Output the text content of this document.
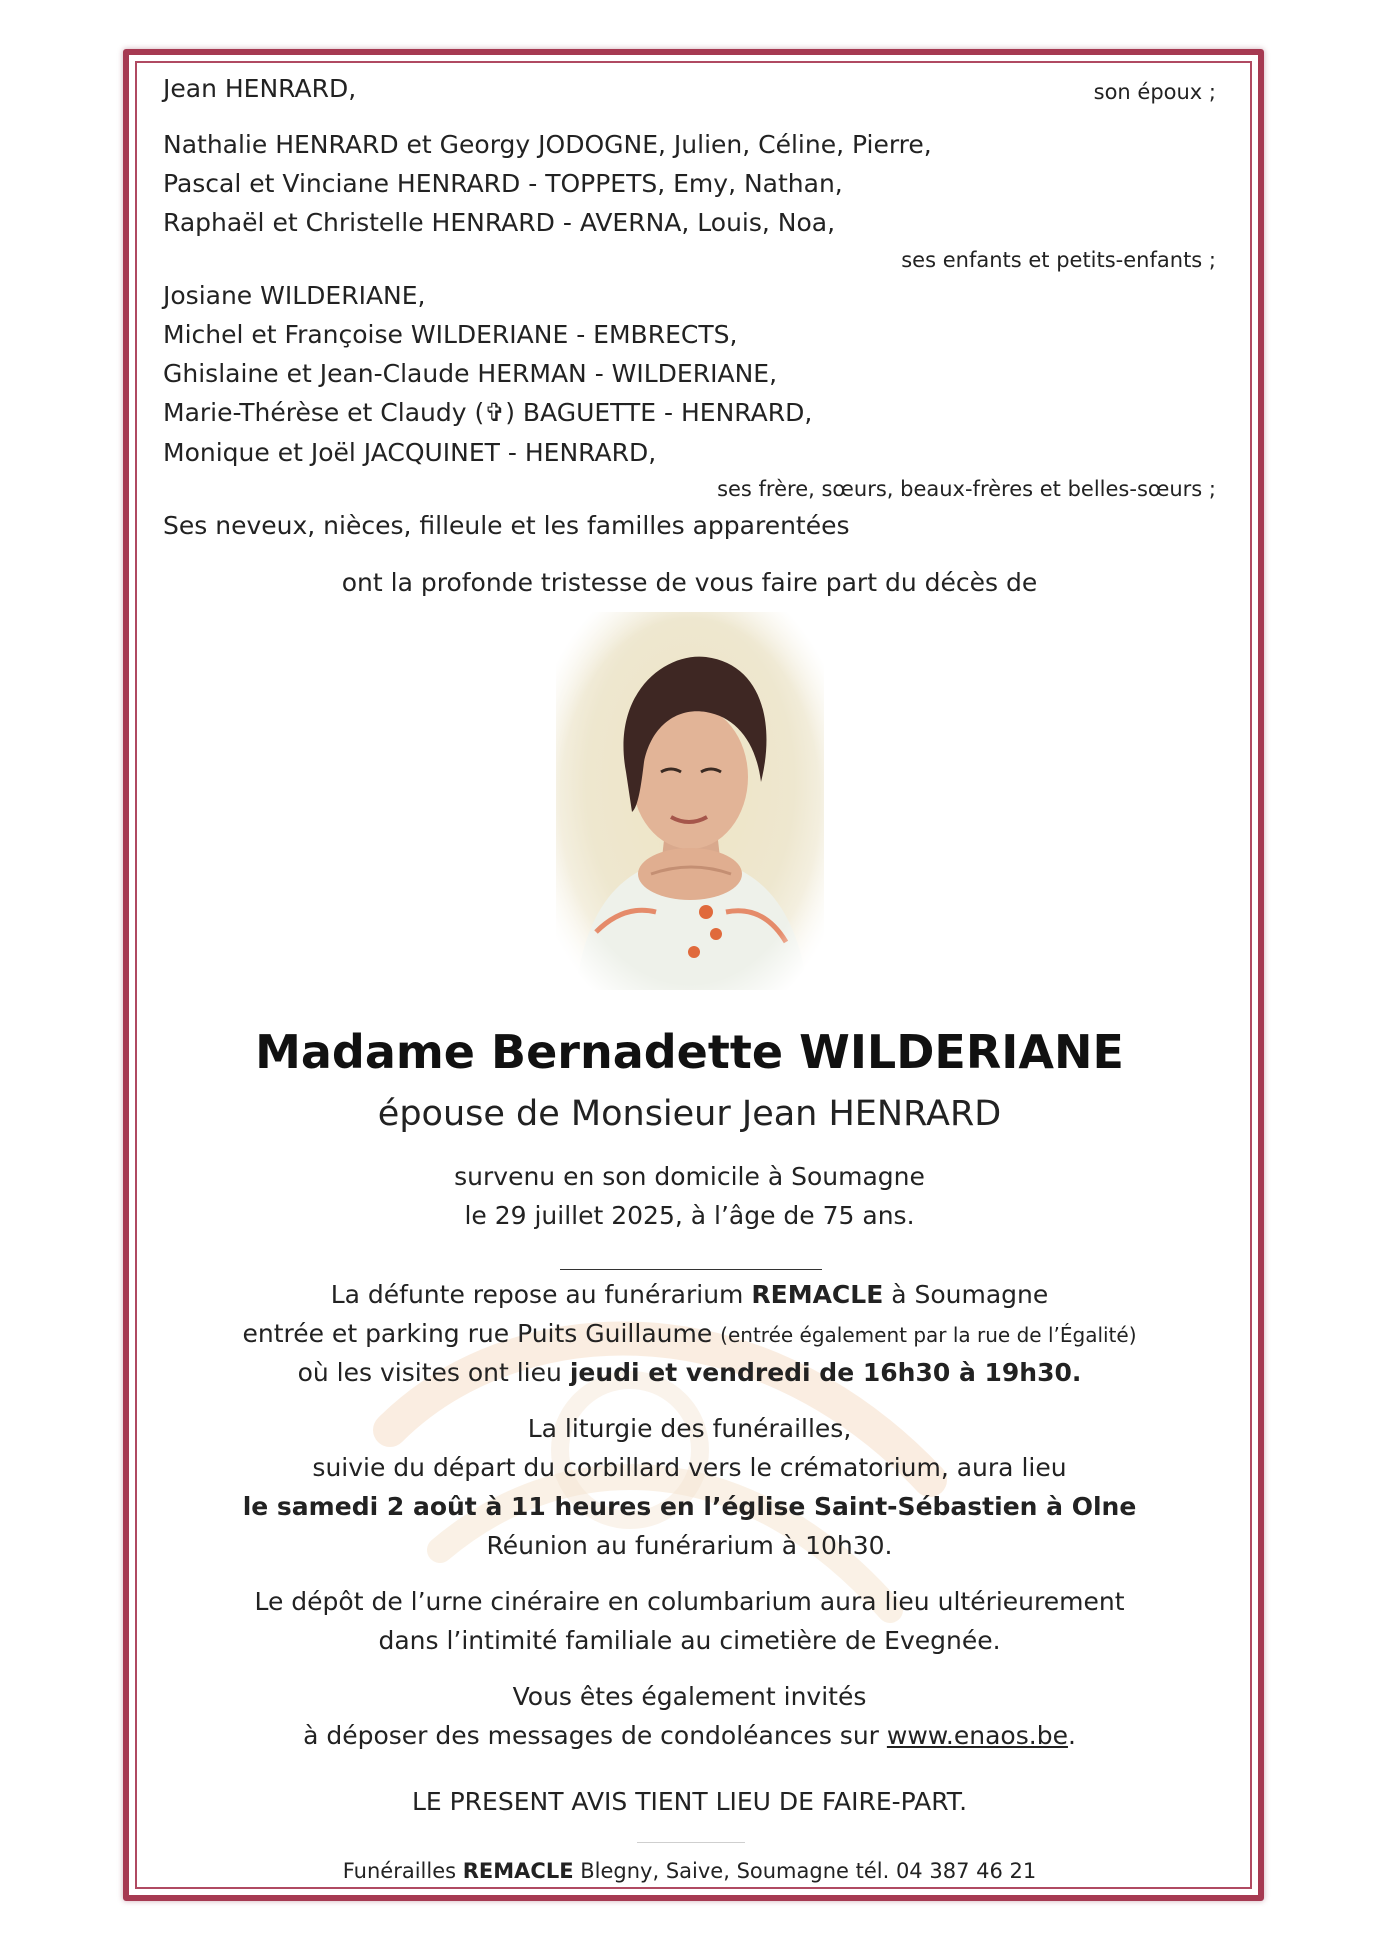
Jean HENRARD,	son époux ;
Nathalie HENRARD et Georgy JODOGNE, Julien, Céline, Pierre,
Pascal et Vinciane HENRARD - TOPPETS, Emy, Nathan,
Raphaël et Christelle HENRARD - AVERNA, Louis, Noa,
ses enfants et petits-enfants ;
Josiane WILDERIANE,
Michel et Françoise WILDERIANE - EMBRECTS,
Ghislaine et Jean-Claude HERMAN - WILDERIANE,
Marie-Thérèse et Claudy (✞) BAGUETTE - HENRARD,
Monique et Joël JACQUINET - HENRARD,
ses frère, sœurs, beaux-frères et belles-sœurs ;
Ses neveux, nièces, filleule et les familles apparentées
ont la profonde tristesse de vous faire part du décès de
Madame Bernadette WILDERIANE
épouse de Monsieur Jean HENRARD
survenu en son domicile à Soumagne
le 29 juillet 2025, à l’âge de 75 ans.
La défunte repose au funérarium REMACLE à Soumagne
entrée et parking rue Puits Guillaume (entrée également par la rue de l’Égalité)
où les visites ont lieu jeudi et vendredi de 16h30 à 19h30.
La liturgie des funérailles,
suivie du départ du corbillard vers le crématorium, aura lieu
le samedi 2 août à 11 heures en l’église Saint-Sébastien à Olne
Réunion au funérarium à 10h30.
Le dépôt de l’urne cinéraire en columbarium aura lieu ultérieurement
dans l’intimité familiale au cimetière de Evegnée.
Vous êtes également invités
à déposer des messages de condoléances sur www.enaos.be.
LE PRESENT AVIS TIENT LIEU DE FAIRE-PART.
Funérailles REMACLE Blegny, Saive, Soumagne tél. 04 387 46 21
